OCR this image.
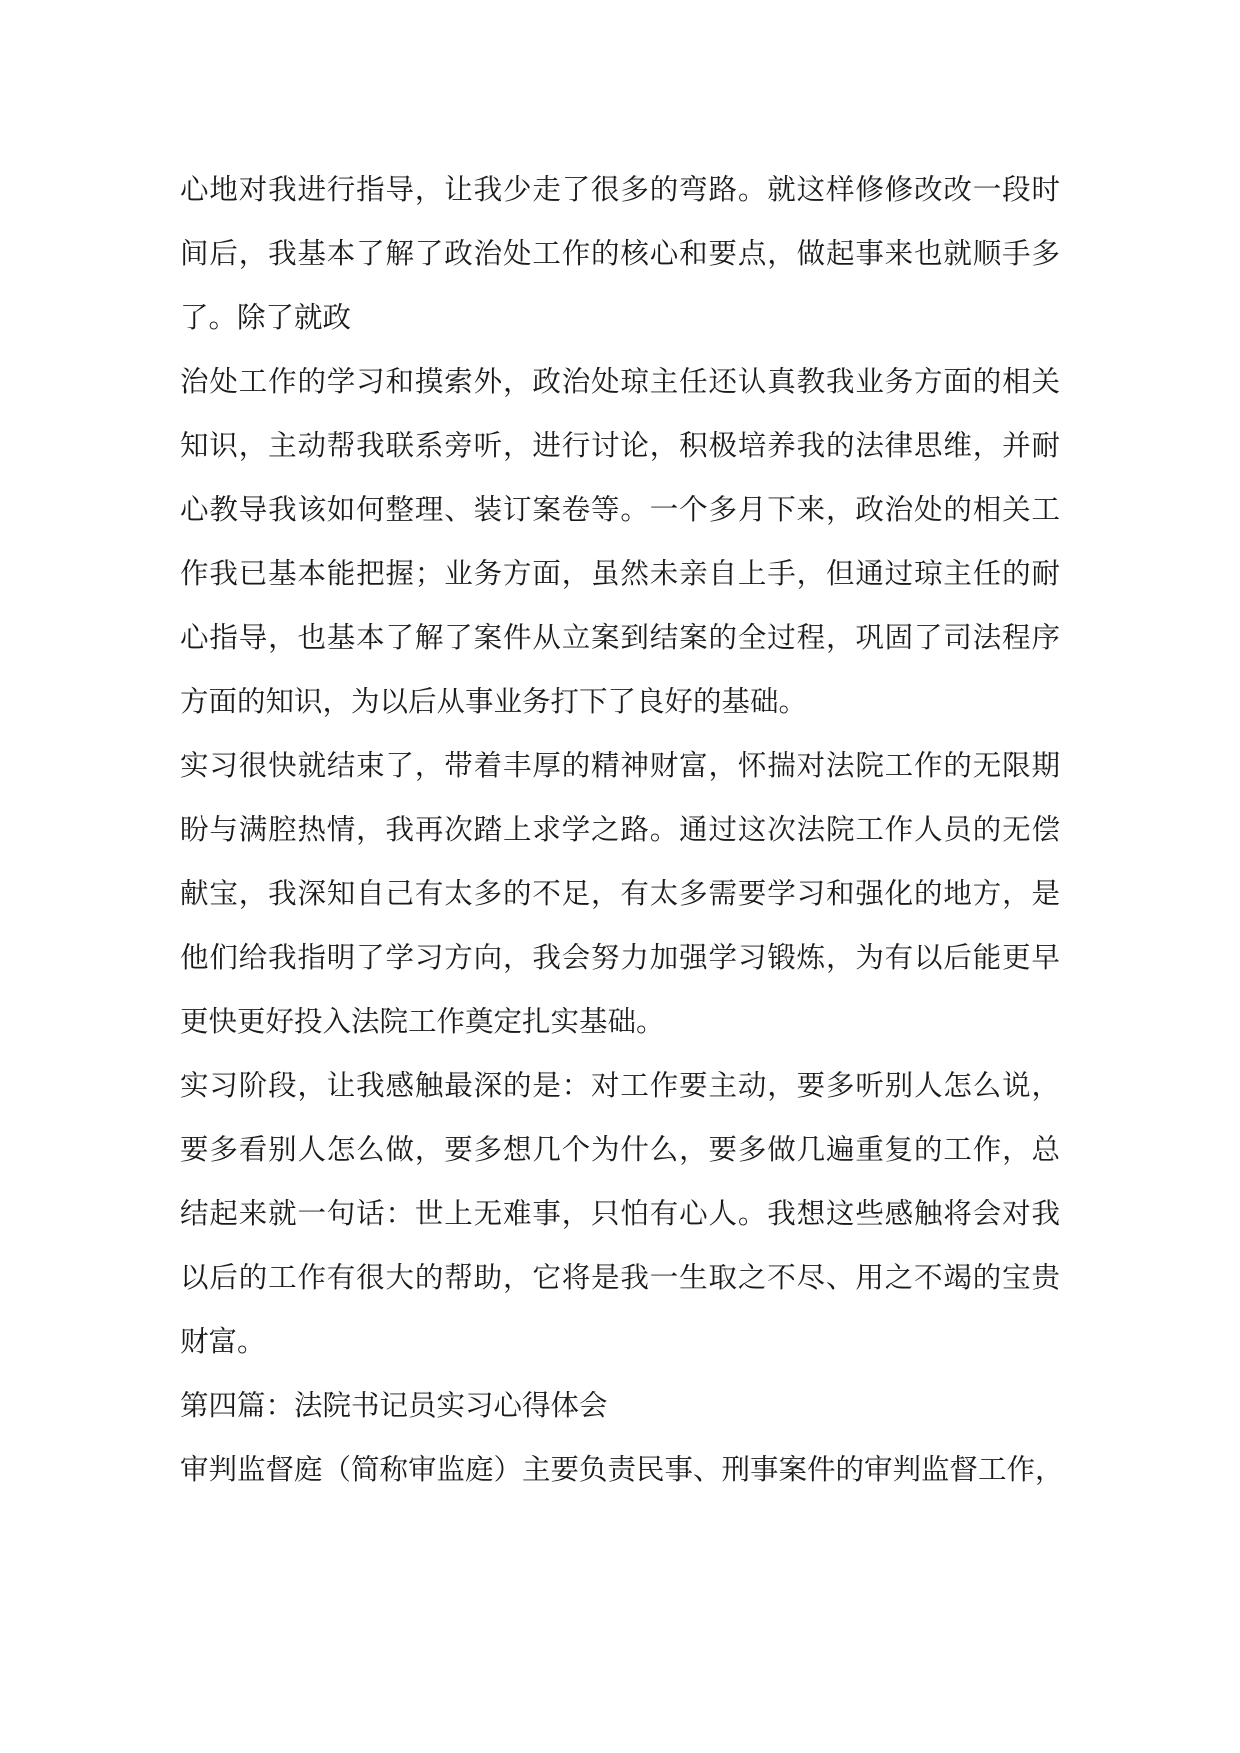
心地对我进行指导，让我少走了很多的弯路。就这样修修改改一段时
间后，我基本了解了政治处工作的核心和要点，做起事来也就顺手多
了。除了就政
治处工作的学习和摸索外，政治处琼主任还认真教我业务方面的相关
知识，主动帮我联系旁听，进行讨论，积极培养我的法律思维，并耐
心教导我该如何整理、装订案卷等。一个多月下来，政治处的相关工
作我已基本能把握；业务方面，虽然未亲自上手，但通过琼主任的耐
心指导，也基本了解了案件从立案到结案的全过程，巩固了司法程序
方面的知识，为以后从事业务打下了良好的基础。
实习很快就结束了，带着丰厚的精神财富，怀揣对法院工作的无限期
盼与满腔热情，我再次踏上求学之路。通过这次法院工作人员的无偿
献宝，我深知自己有太多的不足，有太多需要学习和强化的地方，是
他们给我指明了学习方向，我会努力加强学习锻炼，为有以后能更早
更快更好投入法院工作奠定扎实基础。
实习阶段，让我感触最深的是：对工作要主动，要多听别人怎么说，
要多看别人怎么做，要多想几个为什么，要多做几遍重复的工作，总
结起来就一句话：世上无难事，只怕有心人。我想这些感触将会对我
以后的工作有很大的帮助，它将是我一生取之不尽、用之不竭的宝贵
财富。
第四篇：法院书记员实习心得体会
审判监督庭（简称审监庭）主要负责民事、刑事案件的审判监督工作，
